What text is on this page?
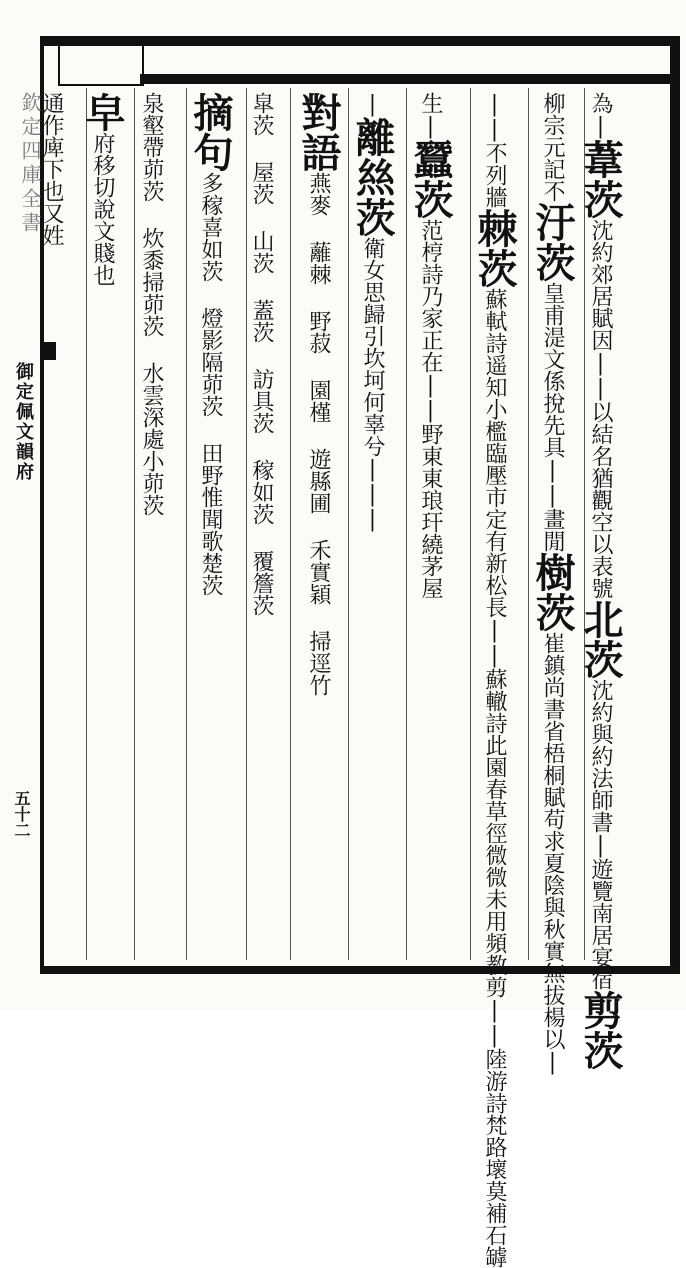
欽定四庫全書
御定佩文韻府
五十二
為|葦茨沈約郊居賦因||以結名猶觀空以表號北茨沈約與約法師書|遊覽南居宴宿剪茨
柳宗元記不汙茨皇甫湜文係挩先具||畫閒樹茨崔鎮尚書省梧桐賦苟求夏陰與秋實無拔楊以|
||不列牆棘茨蘇軾詩遥知小檻臨壓市定有新松長||蘇轍詩此園春草徑微微未用頻教剪||陸游詩梵路壞莫補石罅
生|蠶茨范梈詩乃家正在||野東東琅玕繞茅屋
|離𢇁茨衛女思歸引坎坷何辜兮|||
對語燕麥 蘺棘 野菽 園槿 遊縣圃 禾實穎 掃逕竹
皐茨 屋茨 山茨 蓋茨 訪具茨 稼如茨 覆簷茨
摘句多稼喜如茨 燈影隔茆茨 田野惟聞歌楚茨
泉壑帶茆茨 炊黍掃茆茨 水雲深處小茆茨
皁府移切說文賤也
通作庳下也又姓
